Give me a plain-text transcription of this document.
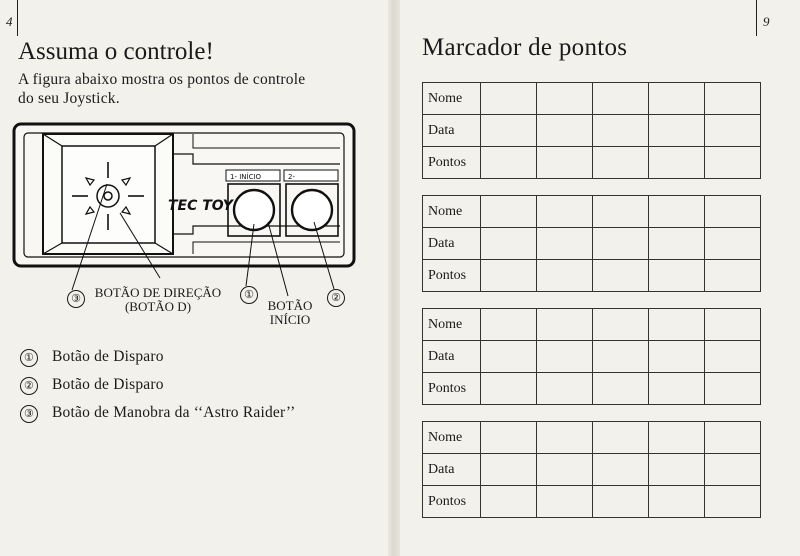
4
Assuma o controle!

A figura abaixo mostra os pontos de controle do seu Joystick.

TEC TOY
1- INÍCIO	2-
③	BOTÃO DE DIREÇÃO
(BOTÃO D)
①
BOTÃO
INÍCIO
②
① Botão de Disparo
② Botão de Disparo
③ Botão de Manobra da ‘‘Astro Raider’’
9
Marcador de pontos
Nome					
Data					
Pontos					
Nome					
Data					
Pontos					
Nome					
Data					
Pontos					
Nome					
Data					
Pontos					
